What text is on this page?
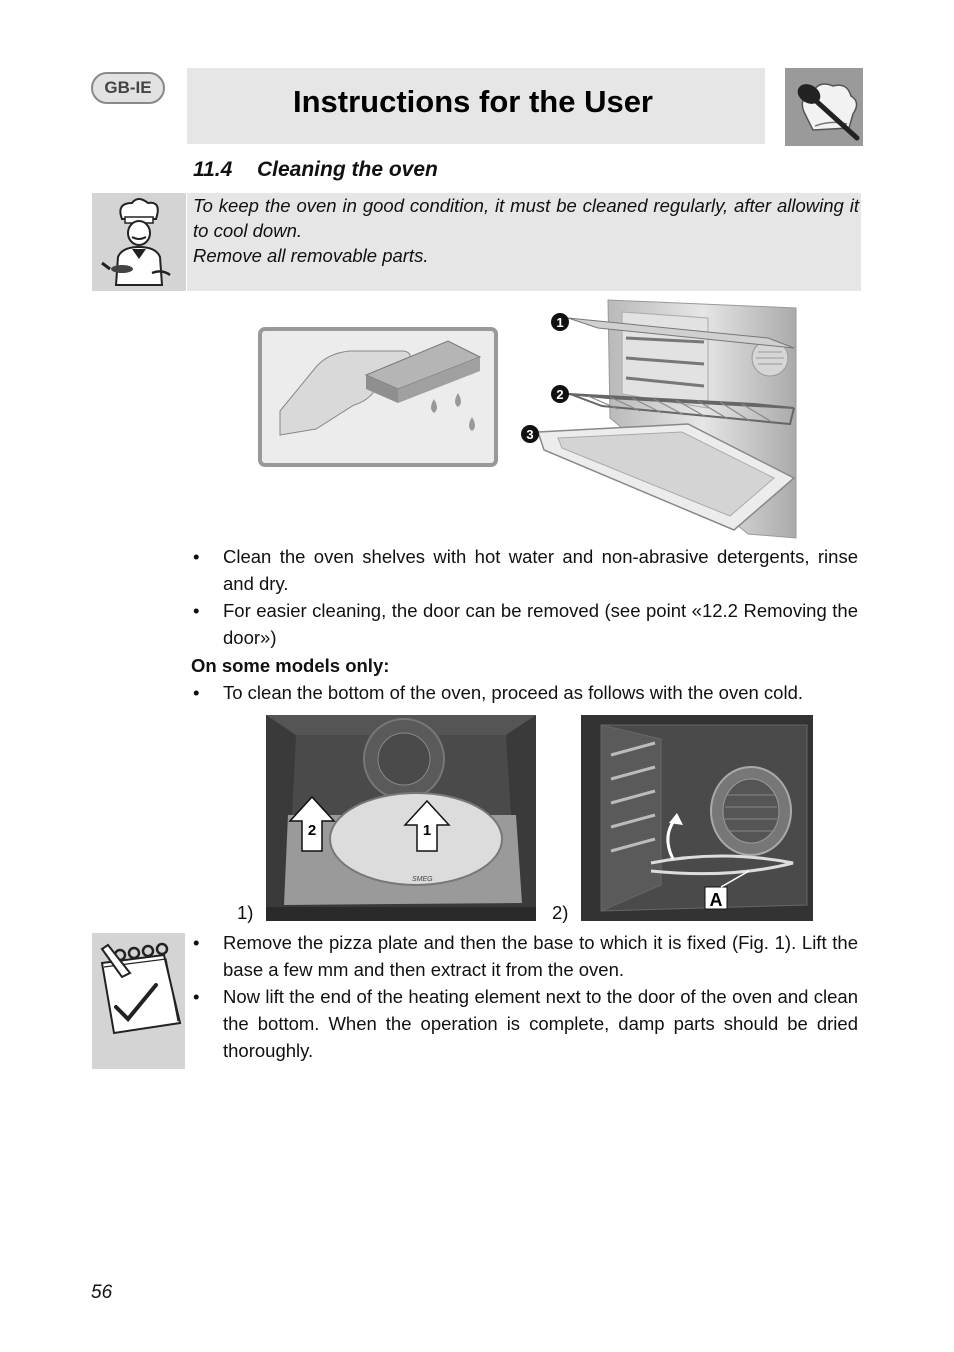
GB-IE	Instructions for the User
11.4 Cleaning the oven

To keep the oven in good condition, it must be cleaned regularly, after allowing it to cool down.

Remove all removable parts.

1
2
3
• Clean the oven shelves with hot water and non-abrasive detergents, rinse and dry.
• For easier cleaning, the door can be removed (see point «12.2 Removing the door»)
On some models only:
• To clean the bottom of the oven, proceed as follows with the oven cold.
1)
SMEG
2	1
2)
A
• Remove the pizza plate and then the base to which it is fixed (Fig. 1). Lift the base a few mm and then extract it from the oven.
• Now lift the end of the heating element next to the door of the oven and clean the bottom. When the operation is complete, damp parts should be dried thoroughly.
56
